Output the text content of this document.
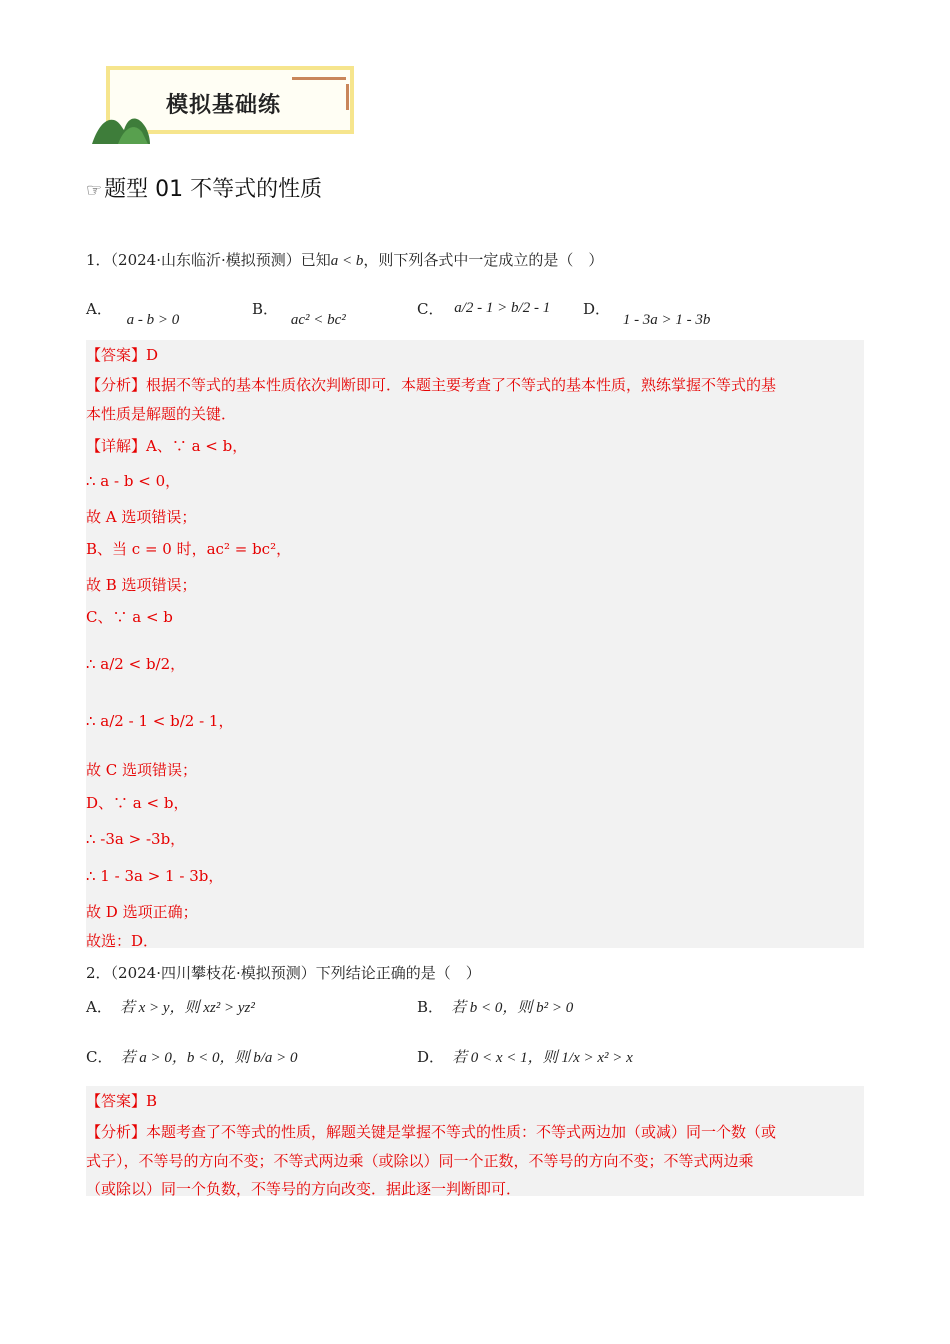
模拟基础练
☞题型 01 不等式的性质
1．（2024·山东临沂·模拟预测）已知a < b，则下列各式中一定成立的是（　）
A． a - b > 0
B． ac² < bc²
C． a/2 - 1 > b/2 - 1 D． 1 - 3a > 1 - 3b
【答案】D
【分析】根据不等式的基本性质依次判断即可．本题主要考查了不等式的基本性质，熟练掌握不等式的基
本性质是解题的关键．
【详解】A、∵ a < b，
∴ a - b < 0，
故 A 选项错误；
B、当 c = 0 时，ac² = bc²，
故 B 选项错误；
C、∵ a < b
∴ a/2 < b/2，
∴ a/2 - 1 < b/2 - 1，
故 C 选项错误；
D、∵ a < b，
∴ -3a > -3b，
∴ 1 - 3a > 1 - 3b，
故 D 选项正确；
故选：D．
2．（2024·四川攀枝花·模拟预测）下列结论正确的是（　）
A． 若 x > y，则 xz² > yz²	B． 若 b < 0，则 b² > 0
C． 若 a > 0，b < 0，则 b/a > 0	D． 若 0 < x < 1，则 1/x > x² > x
【答案】B
【分析】本题考查了不等式的性质，解题关键是掌握不等式的性质：不等式两边加（或减）同一个数（或
式子），不等号的方向不变；不等式两边乘（或除以）同一个正数，不等号的方向不变；不等式两边乘
（或除以）同一个负数，不等号的方向改变．据此逐一判断即可．
